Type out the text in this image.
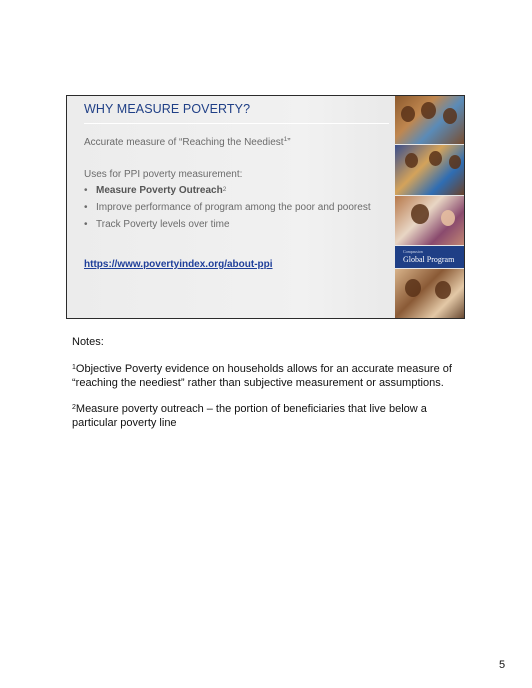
WHY MEASURE POVERTY?
Accurate measure of “Reaching the Neediest$^1$”
Uses for PPI poverty measurement:
• Measure Poverty Outreach$^2$
• Improve performance of program among the poor and poorest
• Track Poverty levels over time
https://www.povertyindex.org/about-ppi
Compassion
Global Program
Notes:
$^1$Objective Poverty evidence on households allows for an accurate measure of “reaching the neediest” rather than subjective measurement or assumptions.
$^2$Measure poverty outreach – the portion of beneficiaries that live below a particular poverty line
5
